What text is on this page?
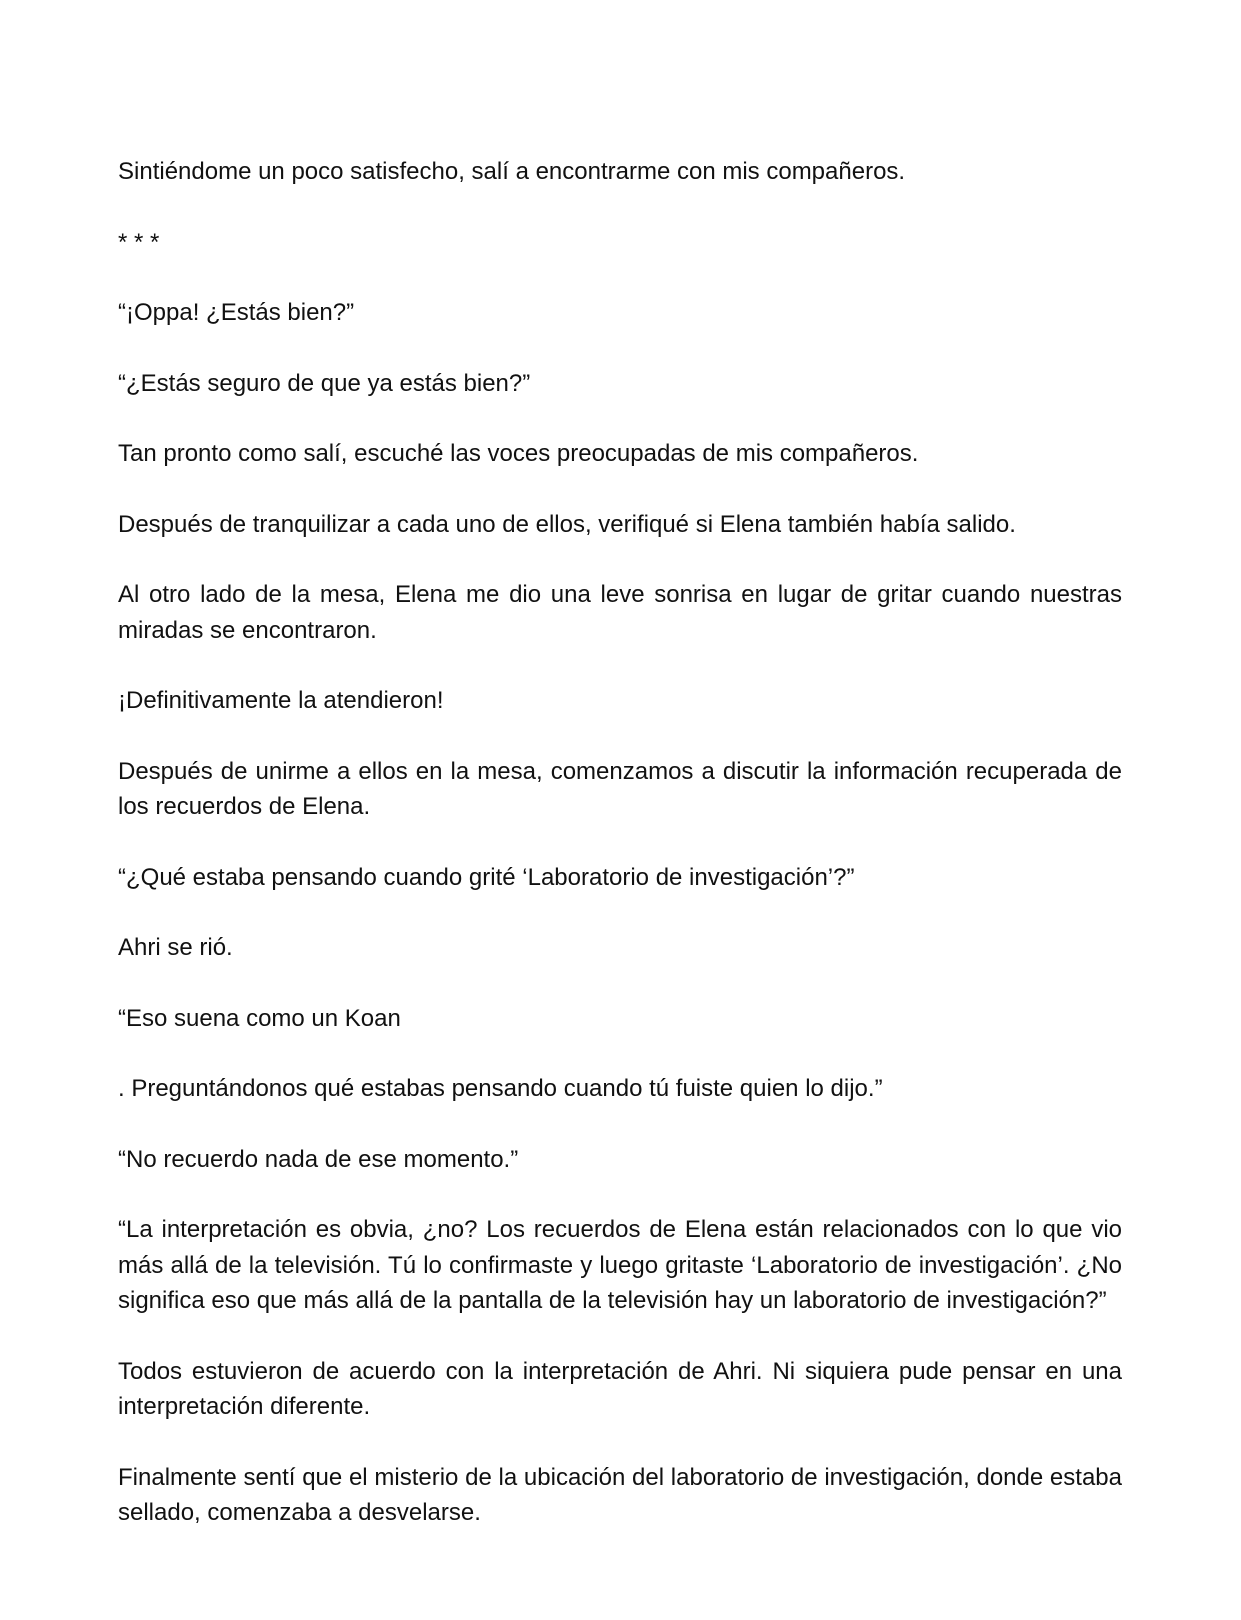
Sintiéndome un poco satisfecho, salí a encontrarme con mis compañeros.

* * *

“¡Oppa! ¿Estás bien?”

“¿Estás seguro de que ya estás bien?”

Tan pronto como salí, escuché las voces preocupadas de mis compañeros.

Después de tranquilizar a cada uno de ellos, verifiqué si Elena también había salido.

Al otro lado de la mesa, Elena me dio una leve sonrisa en lugar de gritar cuando nuestras miradas se encontraron.

¡Definitivamente la atendieron!

Después de unirme a ellos en la mesa, comenzamos a discutir la información recuperada de los recuerdos de Elena.

“¿Qué estaba pensando cuando grité ‘Laboratorio de investigación’?”

Ahri se rió.

“Eso suena como un Koan

. Preguntándonos qué estabas pensando cuando tú fuiste quien lo dijo.”

“No recuerdo nada de ese momento.”

“La interpretación es obvia, ¿no? Los recuerdos de Elena están relacionados con lo que vio más allá de la televisión. Tú lo confirmaste y luego gritaste ‘Laboratorio de investigación’. ¿No significa eso que más allá de la pantalla de la televisión hay un laboratorio de investigación?”

Todos estuvieron de acuerdo con la interpretación de Ahri. Ni siquiera pude pensar en una interpretación diferente.

Finalmente sentí que el misterio de la ubicación del laboratorio de investigación, donde estaba sellado, comenzaba a desvelarse.
